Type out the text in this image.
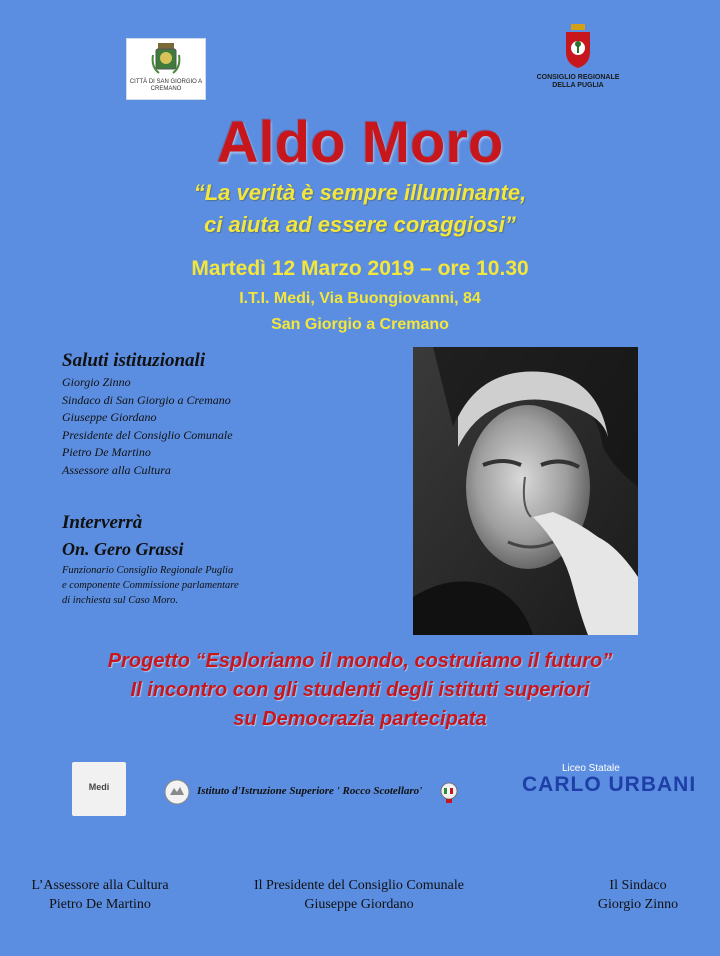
CITTÀ DI SAN GIORGIO A CREMANO
CONSIGLIO REGIONALE
DELLA PUGLIA
Aldo Moro
“La verità è sempre illuminante,
ci aiuta ad essere coraggiosi”
Martedì 12 Marzo 2019 – ore 10.30
I.T.I. Medi, Via Buongiovanni, 84
San Giorgio a Cremano
Saluti istituzionali
Giorgio Zinno
Sindaco di San Giorgio a Cremano
Giuseppe Giordano
Presidente del Consiglio Comunale
Pietro De Martino
Assessore alla Cultura
Interverrà
On. Gero Grassi
Funzionario Consiglio Regionale Puglia
e componente Commissione parlamentare
di inchiesta sul Caso Moro.
Progetto “Esploriamo il mondo, costruiamo il futuro”
Il incontro con gli studenti degli istituti superiori
su Democrazia partecipata
Medi	Istituto d'Istruzione Superiore ' Rocco Scotellaro'
Liceo Statale
CARLO URBANI
L’Assessore alla Cultura
Pietro De Martino
Il Presidente del Consiglio Comunale
Giuseppe Giordano
Il Sindaco
Giorgio Zinno
